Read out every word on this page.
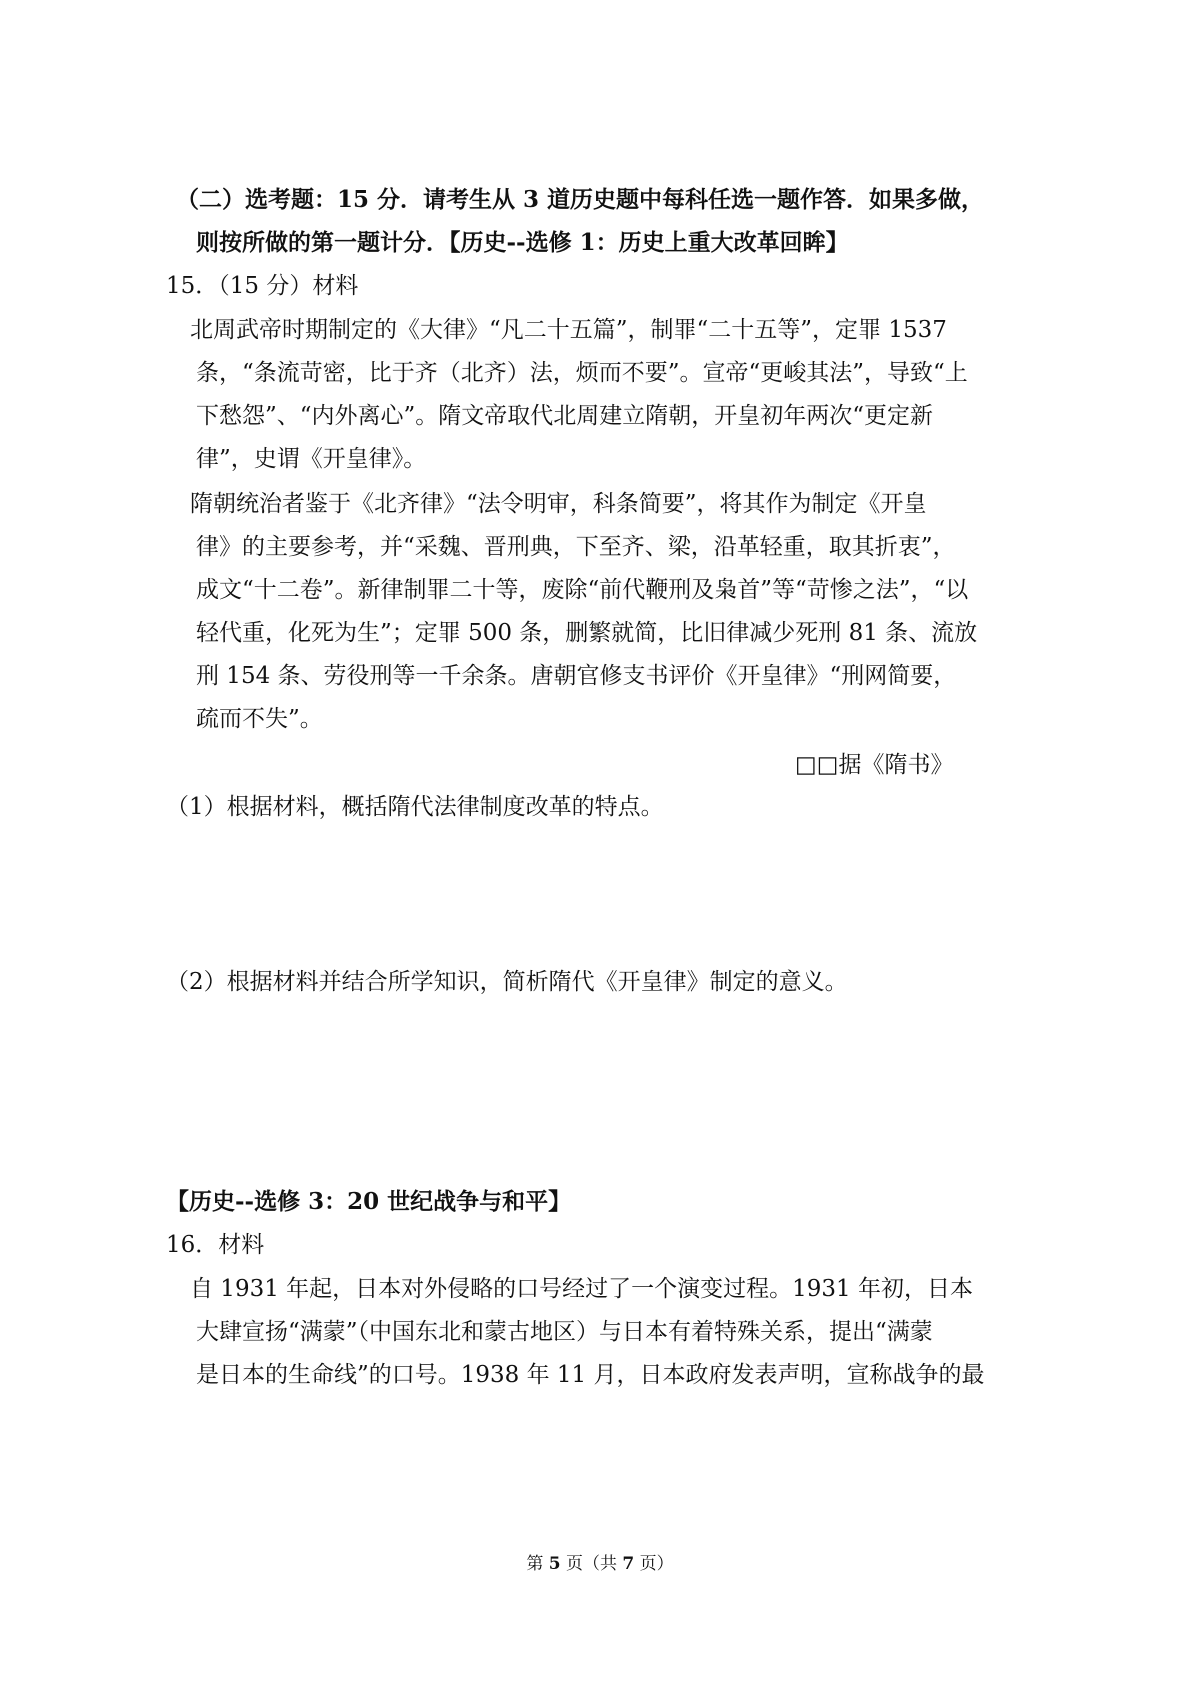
（二）选考题：15 分．请考生从 3 道历史题中每科任选一题作答．如果多做，
则按所做的第一题计分．【历史--选修 1：历史上重大改革回眸】
15．（15 分）材料
北周武帝时期制定的《大律》“凡二十五篇”，制罪“二十五等”，定罪 1537
条，“条流苛密，比于齐（北齐）法，烦而不要”。宣帝“更峻其法”，导致“上
下愁怨”、“内外离心”。隋文帝取代北周建立隋朝，开皇初年两次“更定新
律”，史谓《开皇律》。
隋朝统治者鉴于《北齐律》“法令明审，科条简要”，将其作为制定《开皇
律》的主要参考，并“采魏、晋刑典，下至齐、梁，沿革轻重，取其折衷”，
成文“十二卷”。新律制罪二十等，废除“前代鞭刑及枭首”等“苛惨之法”，“以
轻代重，化死为生”；定罪 500 条，删繁就简，比旧律减少死刑 81 条、流放
刑 154 条、劳役刑等一千余条。唐朝官修支书评价《开皇律》“刑网简要，
疏而不失”。
□□据《隋书》
（1）根据材料，概括隋代法律制度改革的特点。
（2）根据材料并结合所学知识，简析隋代《开皇律》制定的意义。
【历史--选修 3：20 世纪战争与和平】
16．材料
自 1931 年起，日本对外侵略的口号经过了一个演变过程。1931 年初，日本
大肆宣扬“满蒙”（中国东北和蒙古地区）与日本有着特殊关系，提出“满蒙
是日本的生命线”的口号。1938 年 11 月，日本政府发表声明，宣称战争的最
第 5 页（共 7 页）
